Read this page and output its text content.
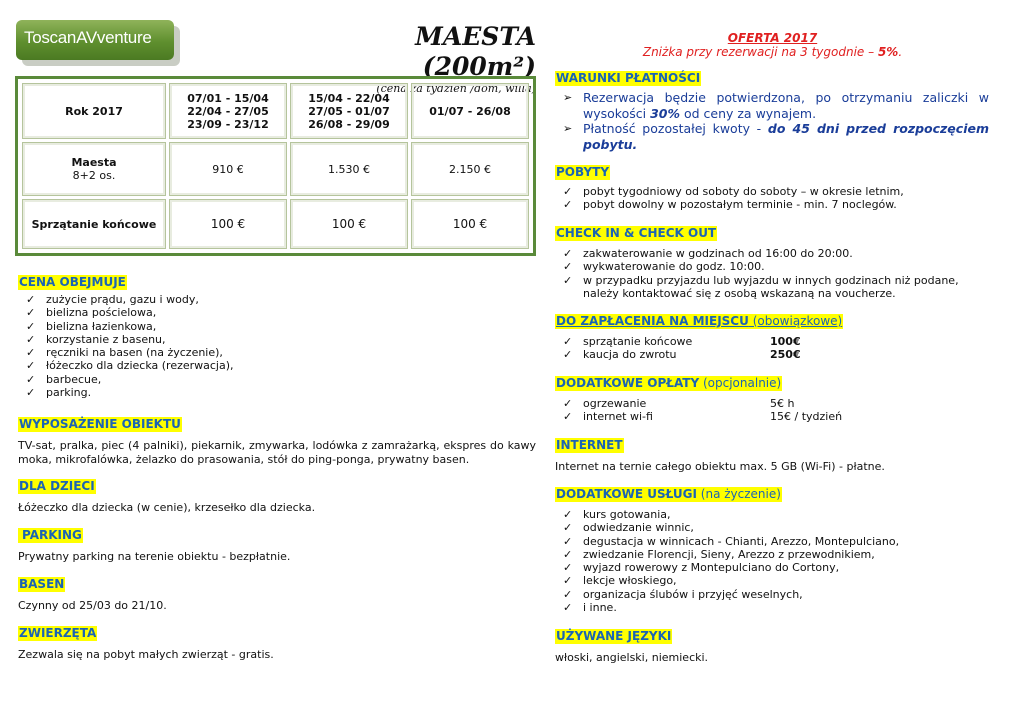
ToscanAVventure	MAESTA (200m²)
(cena za tydzień /dom, willa)
Rok 2017	07/01 - 15/04
22/04 - 27/05
23/09 - 23/12	15/04 - 22/04
27/05 - 01/07
26/08 - 29/09	01/07 - 26/08

Maesta
8+2 os.	910 €	1.530 €	2.150 €
Sprzątanie końcowe	100 €	100 €	100 €
CENA OBEJMUJE
✓ zużycie prądu, gazu i wody,
✓ bielizna pościelowa,
✓ bielizna łazienkowa,
✓ korzystanie z basenu,
✓ ręczniki na basen (na życzenie),
✓ łóżeczko dla dziecka (rezerwacja),
✓ barbecue,
✓ parking.
WYPOSAŻENIE OBIEKTU
TV-sat, pralka, piec (4 palniki), piekarnik, zmywarka, lodówka z zamrażarką, ekspres do kawy moka, mikrofalówka, żelazko do prasowania, stół do ping-ponga, prywatny basen.
DLA DZIECI
Łóżeczko dla dziecka (w cenie), krzesełko dla dziecka.
PARKING
Prywatny parking na terenie obiektu - bezpłatnie.
BASEN
Czynny od 25/03 do 21/10.
ZWIERZĘTA
Zezwala się na pobyt małych zwierząt - gratis.
OFERTA 2017
Zniżka przy rezerwacji na 3 tygodnie – 5%.
WARUNKI PŁATNOŚCI
➢ Rezerwacja będzie potwierdzona, po otrzymaniu zaliczki w wysokości 30% od ceny za wynajem.
➢ Płatność pozostałej kwoty - do 45 dni przed rozpoczęciem pobytu.
POBYTY
✓ pobyt tygodniowy od soboty do soboty – w okresie letnim,
✓ pobyt dowolny w pozostałym terminie - min. 7 noclegów.
CHECK IN & CHECK OUT
✓ zakwaterowanie w godzinach od 16:00 do 20:00.
✓ wykwaterowanie do godz. 10:00.
✓ w przypadku przyjazdu lub wyjazdu w innych godzinach niż podane, należy kontaktować się z osobą wskazaną na voucherze.
DO ZAPŁACENIA NA MIEJSCU (obowiązkowe)
✓ sprzątanie końcowe	100€
✓ kaucja do zwrotu	250€
DODATKOWE OPŁATY (opcjonalnie)
✓ ogrzewanie	5€ h
✓ internet wi-fi	15€ / tydzień
INTERNET
Internet na ternie całego obiektu max. 5 GB (Wi-Fi) - płatne.
DODATKOWE USŁUGI (na życzenie)
✓ kurs gotowania,
✓ odwiedzanie winnic,
✓ degustacja w winnicach - Chianti, Arezzo, Montepulciano,
✓ zwiedzanie Florencji, Sieny, Arezzo z przewodnikiem,
✓ wyjazd rowerowy z Montepulciano do Cortony,
✓ lekcje włoskiego,
✓ organizacja ślubów i przyjęć weselnych,
✓ i inne.
UŻYWANE JĘZYKI
włoski, angielski, niemiecki.
